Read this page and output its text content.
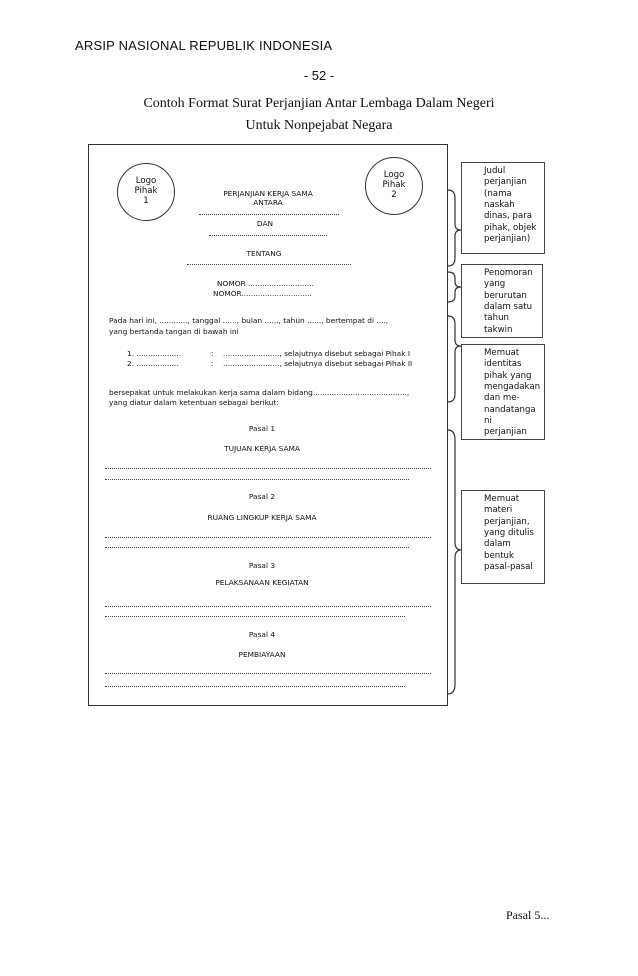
ARSIP NASIONAL REPUBLIK INDONESIA
- 52 -
Contoh Format Surat Perjanjian Antar Lembaga Dalam Negeri
Untuk Nonpejabat Negara
Logo
Pihak
1
Logo
Pihak
2
PERJANJIAN KERJA SAMA
ANTARA
DAN
TENTANG
NOMOR ............................
NOMOR..............................
Pada hari ini, ............, tanggal ......, bulan ......, tahun ......, bertempat di ....,
yang bertanda tangan di bawah ini
1. ...................	: ........................, selajutnya disebut sebagai Pihak I
2. ..................	: ........................, selajutnya disebut sebagai Pihak II
bersepakat untuk melakukan kerja sama dalam bidang........................................,
yang diatur dalam ketentuan sebagai berikut:
Pasal 1
TUJUAN KERJA SAMA
Pasal 2
RUANG LINGKUP KERJA SAMA
Pasal 3
PELAKSANAAN KEGIATAN
Pasal 4
PEMBIAYAAN
Judul
perjanjian
(nama
naskah
dinas, para
pihak, objek
perjanjian)
Penomoran
yang
berurutan
dalam satu
tahun
takwin
Memuat
identitas
pihak yang
mengadakan
dan me-
nandatanga
ni
perjanjian
Memuat
materi
perjanjian,
yang ditulis
dalam
bentuk
pasal-pasal
Pasal 5...
